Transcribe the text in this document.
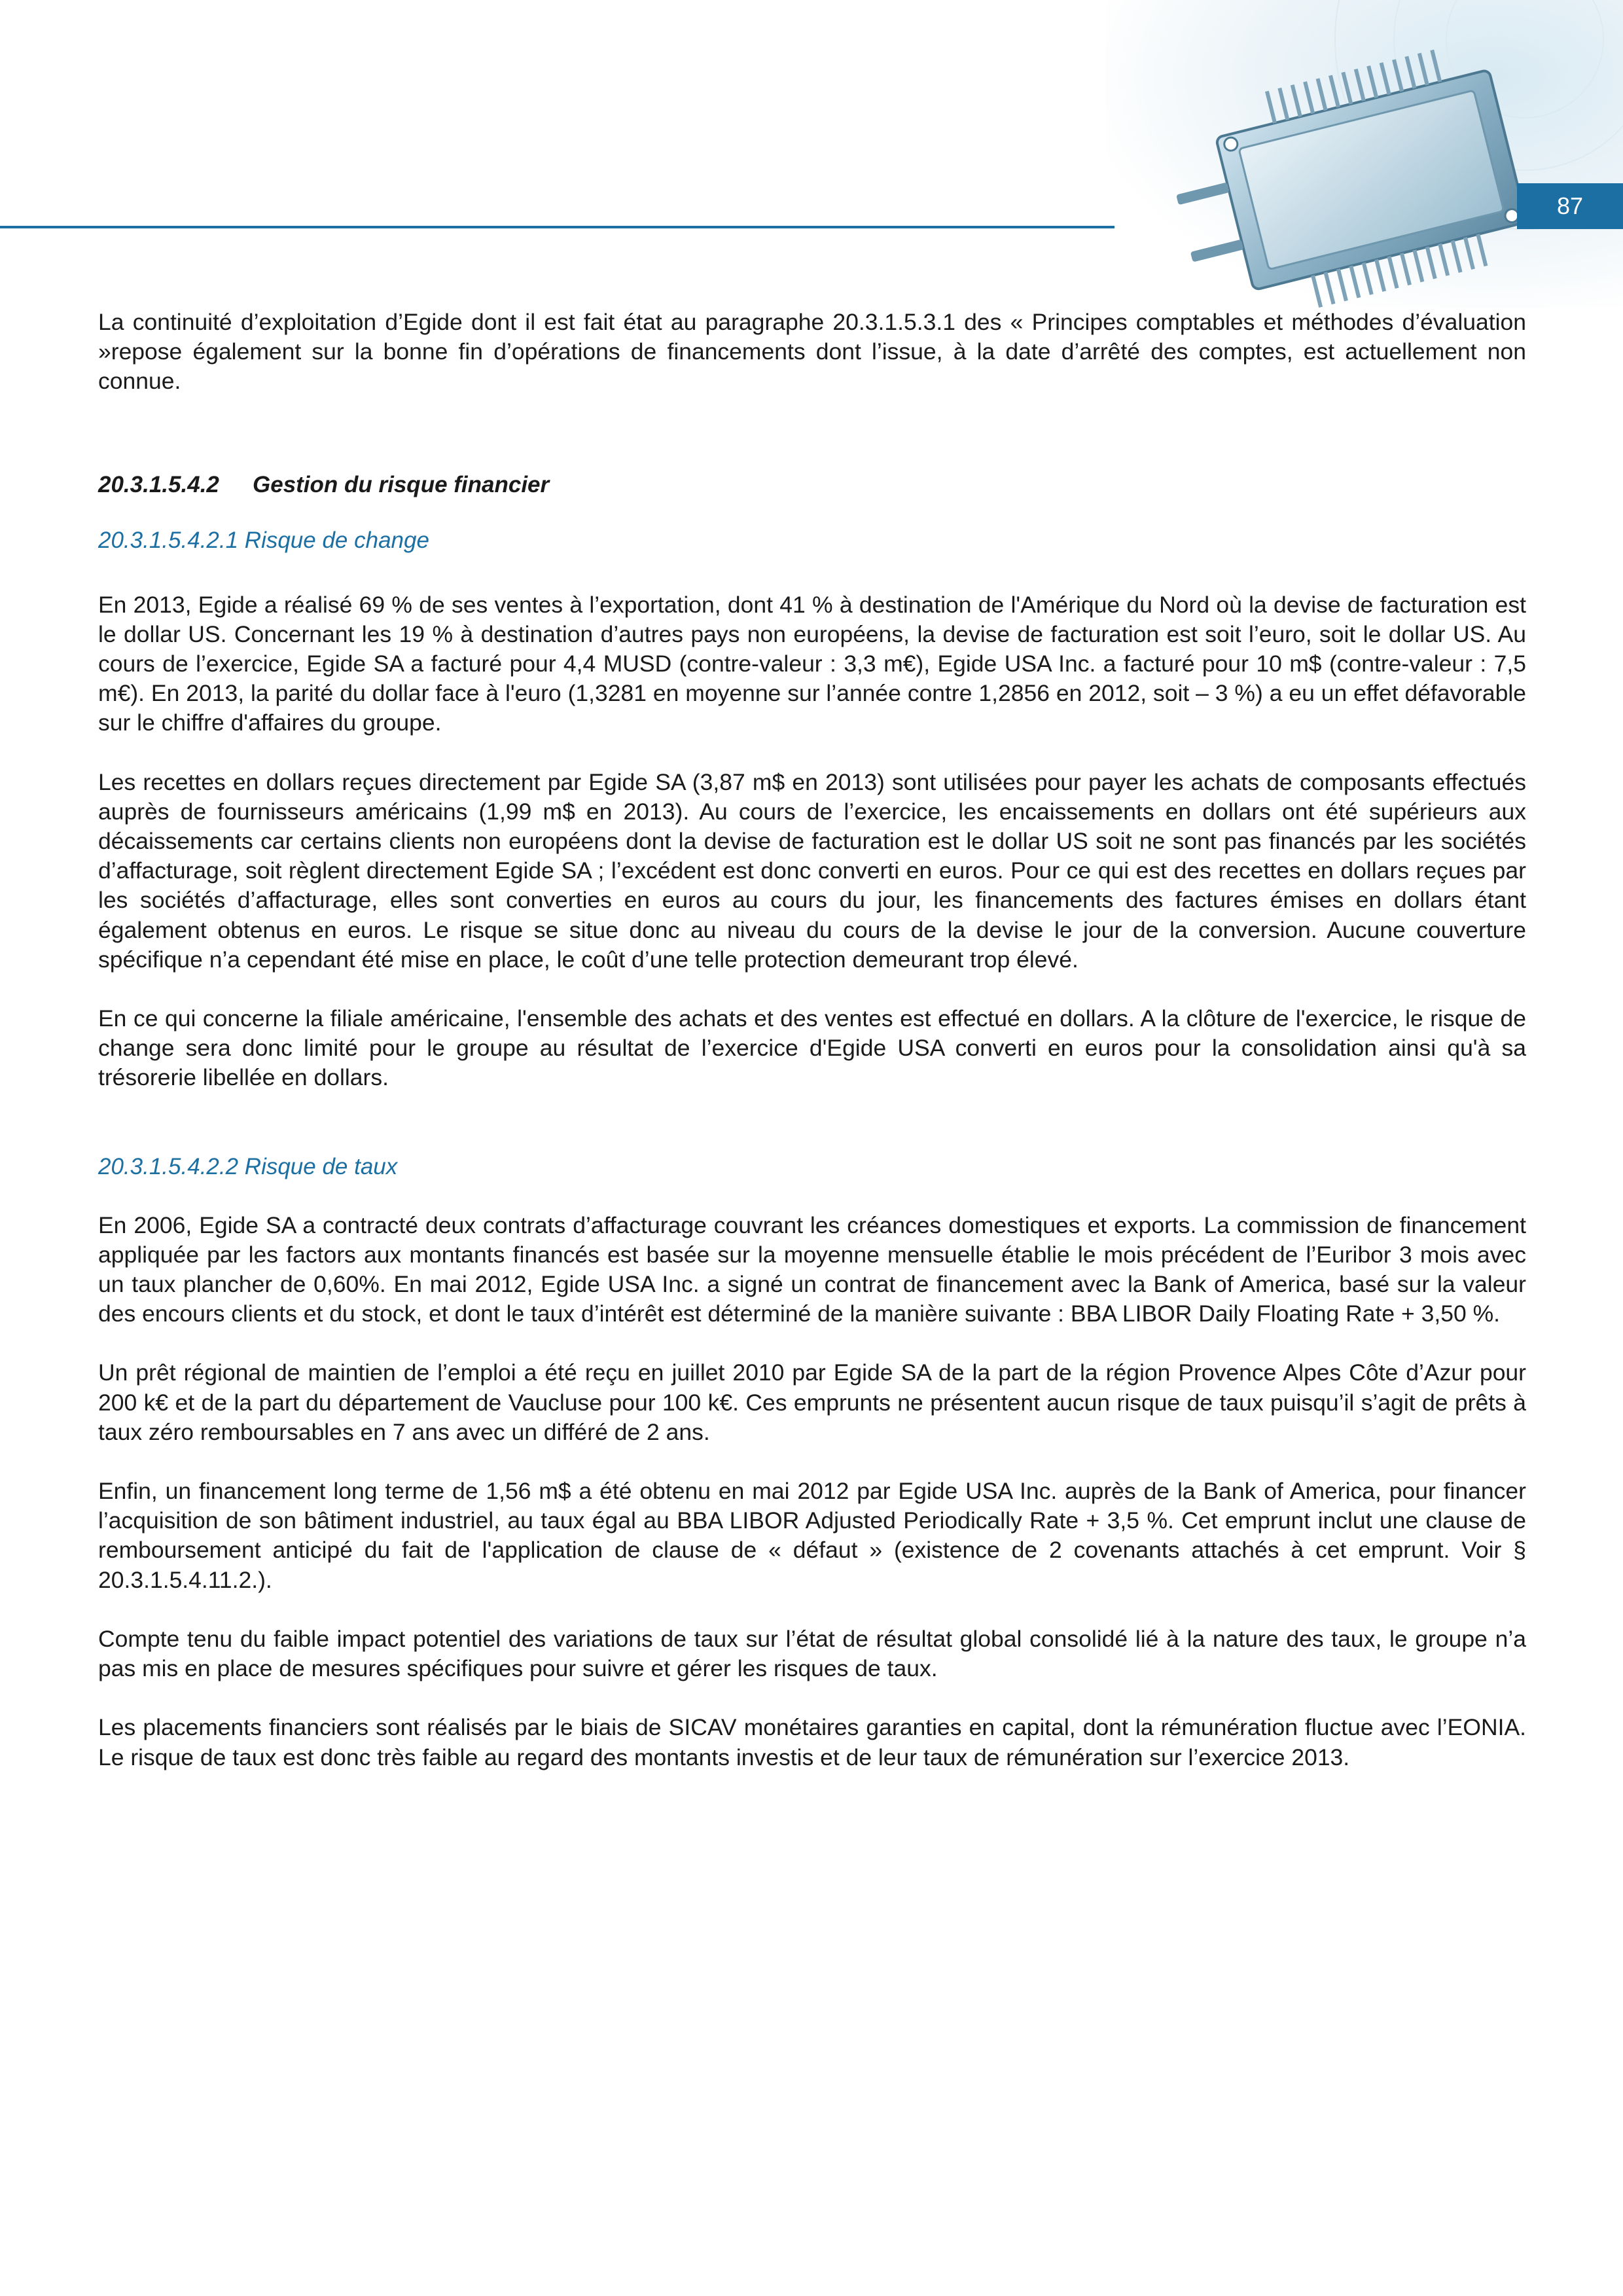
87

La continuité d’exploitation d’Egide dont il est fait état au paragraphe 20.3.1.5.3.1 des « Principes comptables et méthodes d’évaluation »repose également sur la bonne fin d’opérations de financements dont l’issue, à la date d’arrêté des comptes, est actuellement non connue.

20.3.1.5.4.2 Gestion du risque financier

20.3.1.5.4.2.1 Risque de change

En 2013, Egide a réalisé 69 % de ses ventes à l’exportation, dont 41 % à destination de l'Amérique du Nord où la devise de facturation est le dollar US. Concernant les 19 % à destination d’autres pays non européens, la devise de facturation est soit l’euro, soit le dollar US. Au cours de l’exercice, Egide SA a facturé pour 4,4 MUSD (contre-valeur : 3,3 m€), Egide USA Inc. a facturé pour 10 m$ (contre-valeur : 7,5 m€). En 2013, la parité du dollar face à l'euro (1,3281 en moyenne sur l’année contre 1,2856 en 2012, soit – 3 %) a eu un effet défavorable sur le chiffre d'affaires du groupe.

Les recettes en dollars reçues directement par Egide SA (3,87 m$ en 2013) sont utilisées pour payer les achats de composants effectués auprès de fournisseurs américains (1,99 m$ en 2013). Au cours de l’exercice, les encaissements en dollars ont été supérieurs aux décaissements car certains clients non européens dont la devise de facturation est le dollar US soit ne sont pas financés par les sociétés d’affacturage, soit règlent directement Egide SA ; l’excédent est donc converti en euros. Pour ce qui est des recettes en dollars reçues par les sociétés d’affacturage, elles sont converties en euros au cours du jour, les financements des factures émises en dollars étant également obtenus en euros. Le risque se situe donc au niveau du cours de la devise le jour de la conversion. Aucune couverture spécifique n’a cependant été mise en place, le coût d’une telle protection demeurant trop élevé.

En ce qui concerne la filiale américaine, l'ensemble des achats et des ventes est effectué en dollars. A la clôture de l'exercice, le risque de change sera donc limité pour le groupe au résultat de l’exercice d'Egide USA converti en euros pour la consolidation ainsi qu'à sa trésorerie libellée en dollars.

20.3.1.5.4.2.2 Risque de taux

En 2006, Egide SA a contracté deux contrats d’affacturage couvrant les créances domestiques et exports. La commission de financement appliquée par les factors aux montants financés est basée sur la moyenne mensuelle établie le mois précédent de l’Euribor 3 mois avec un taux plancher de 0,60%. En mai 2012, Egide USA Inc. a signé un contrat de financement avec la Bank of America, basé sur la valeur des encours clients et du stock, et dont le taux d’intérêt est déterminé de la manière suivante : BBA LIBOR Daily Floating Rate + 3,50 %.

Un prêt régional de maintien de l’emploi a été reçu en juillet 2010 par Egide SA de la part de la région Provence Alpes Côte d’Azur pour 200 k€ et de la part du département de Vaucluse pour 100 k€. Ces emprunts ne présentent aucun risque de taux puisqu’il s’agit de prêts à taux zéro remboursables en 7 ans avec un différé de 2 ans.

Enfin, un financement long terme de 1,56 m$ a été obtenu en mai 2012 par Egide USA Inc. auprès de la Bank of America, pour financer l’acquisition de son bâtiment industriel, au taux égal au BBA LIBOR Adjusted Periodically Rate + 3,5 %. Cet emprunt inclut une clause de remboursement anticipé du fait de l'application de clause de « défaut » (existence de 2 covenants attachés à cet emprunt. Voir § 20.3.1.5.4.11.2.).

Compte tenu du faible impact potentiel des variations de taux sur l’état de résultat global consolidé lié à la nature des taux, le groupe n’a pas mis en place de mesures spécifiques pour suivre et gérer les risques de taux.

Les placements financiers sont réalisés par le biais de SICAV monétaires garanties en capital, dont la rémunération fluctue avec l’EONIA. Le risque de taux est donc très faible au regard des montants investis et de leur taux de rémunération sur l’exercice 2013.
